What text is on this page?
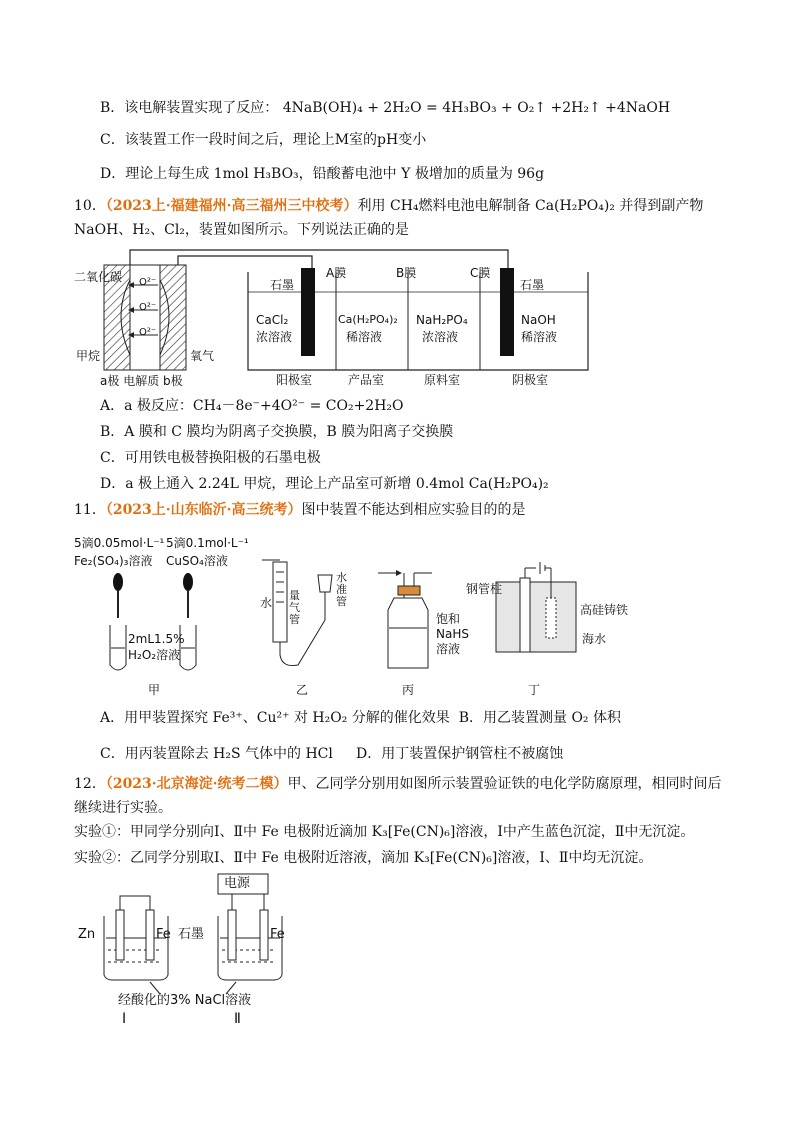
B．该电解装置实现了反应： 4NaB(OH)₄ + 2H₂O = 4H₃BO₃ + O₂↑ +2H₂↑ +4NaOH
C．该装置工作一段时间之后，理论上M室的pH变小
D．理论上每生成 1mol H₃BO₃，铅酸蓄电池中 Y 极增加的质量为 96g
10．（2023上·福建福州·高三福州三中校考）利用 CH₄燃料电池电解制备 Ca(H₂PO₄)₂ 并得到副产物
NaOH、H₂、Cl₂，装置如图所示。下列说法正确的是
二氧化碳 O²⁻
O²⁻
O²⁻
甲烷	氧气
a极 电解质 b极
A膜	B膜	C膜
石墨	石墨
CaCl₂
浓溶液
Ca(H₂PO₄)₂
稀溶液
NaH₂PO₄
浓溶液
NaOH
稀溶液
阳极室	产品室	原料室	阴极室
A．a 极反应：CH₄－8e⁻+4O²⁻ = CO₂+2H₂O
B．A 膜和 C 膜均为阴离子交换膜，B 膜为阳离子交换膜
C．可用铁电极替换阳极的石墨电极
D．a 极上通入 2.24L 甲烷，理论上产品室可新增 0.4mol Ca(H₂PO₄)₂
11．（2023上·山东临沂·高三统考）图中装置不能达到相应实验目的的是
5滴0.05mol·L⁻¹
Fe₂(SO₄)₃溶液
5滴0.1mol·L⁻¹
CuSO₄溶液
2mL1.5%
H₂O₂溶液
甲
水
量气管
水准管
乙
饱和
NaHS
溶液
丙
钢管柱
高硅铸铁
海水
丁
A．用甲装置探究 Fe³⁺、Cu²⁺ 对 H₂O₂ 分解的催化效果 B．用乙装置测量 O₂ 体积
C．用丙装置除去 H₂S 气体中的 HCl D．用丁装置保护钢管柱不被腐蚀
12．（2023·北京海淀·统考二模）甲、乙同学分别用如图所示装置验证铁的电化学防腐原理，相同时间后
继续进行实验。
实验①：甲同学分别向Ⅰ、Ⅱ中 Fe 电极附近滴加 K₃[Fe(CN)₆]溶液，Ⅰ中产生蓝色沉淀，Ⅱ中无沉淀。
实验②：乙同学分别取Ⅰ、Ⅱ中 Fe 电极附近溶液，滴加 K₃[Fe(CN)₆]溶液，Ⅰ、Ⅱ中均无沉淀。
电源
Zn	Fe 石墨	Fe
经酸化的3% NaCl溶液
Ⅰ	Ⅱ
